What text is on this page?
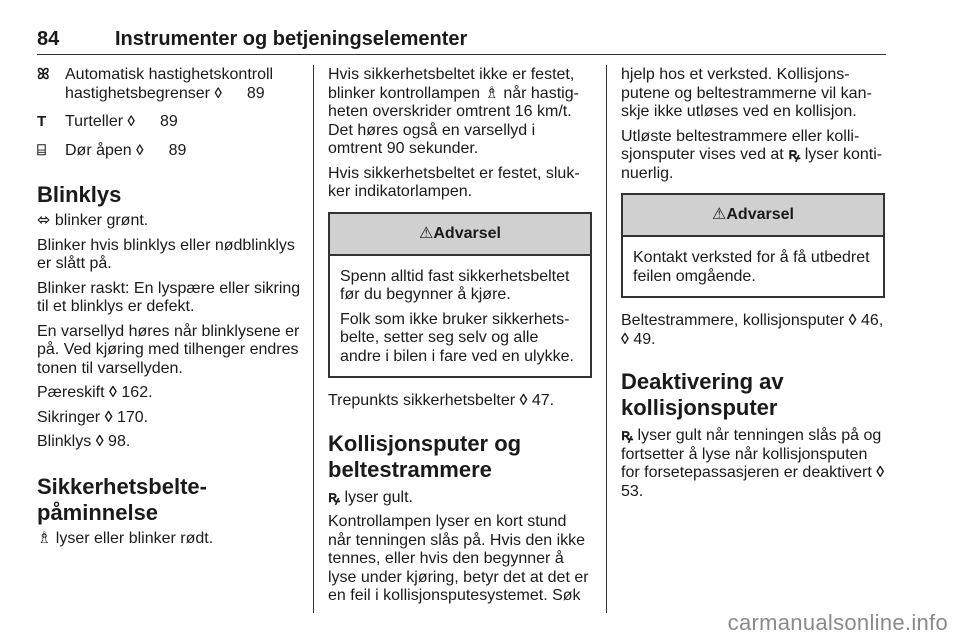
84	Instrumenter og betjeningselementer
ꕤ Automatisk hastighetskontroll
hastighetsbegrenser ◊ 89
T	Turteller ◊ 89
⌸	Dør åpen ◊ 89
Blinklys

⬄ blinker grønt.

Blinker hvis blinklys eller nødblinklys er slått på.

Blinker raskt: En lyspære eller sikring til et blinklys er defekt.

En varsellyd høres når blinklysene er på. Ved kjøring med tilhenger endres tonen til varsellyden.

Pæreskift ◊ 162.

Sikringer ◊ 170.

Blinklys ◊ 98.

Sikkerhetsbelte-
påminnelse

♗ lyser eller blinker rødt.

Hvis sikkerhetsbeltet ikke er festet, blinker kontrollampen ♗ når hastigheten overskrider omtrent 16 km/t. Det høres også en varsellyd i omtrent 90 sekunder.

Hvis sikkerhetsbeltet er festet, slukker indikatorlampen.

⚠Advarsel

Spenn alltid fast sikkerhetsbeltet før du begynner å kjøre.

Folk som ikke bruker sikkerhetsbelte, setter seg selv og alle andre i bilen i fare ved en ulykke.

Trepunkts sikkerhetsbelter ◊ 47.

Kollisjonsputer og
beltestrammere

ꝶ lyser gult.

Kontrollampen lyser en kort stund når tenningen slås på. Hvis den ikke tennes, eller hvis den begynner å lyse under kjøring, betyr det at det er en feil i kollisjonsputesystemet. Søk

hjelp hos et verksted. Kollisjonsputene og beltestrammerne vil kanskje ikke utløses ved en kollisjon.

Utløste beltestrammere eller kollisjonsputer vises ved at ꝶ lyser kontinuerlig.

⚠Advarsel

Kontakt verksted for å få utbedret feilen omgående.

Beltestrammere, kollisjonsputer ◊ 46, ◊ 49.

Deaktivering av
kollisjonsputer

ꝶ lyser gult når tenningen slås på og fortsetter å lyse når kollisjonsputen for forsetepassasjeren er deaktivert ◊ 53.

carmanualsonline.info
